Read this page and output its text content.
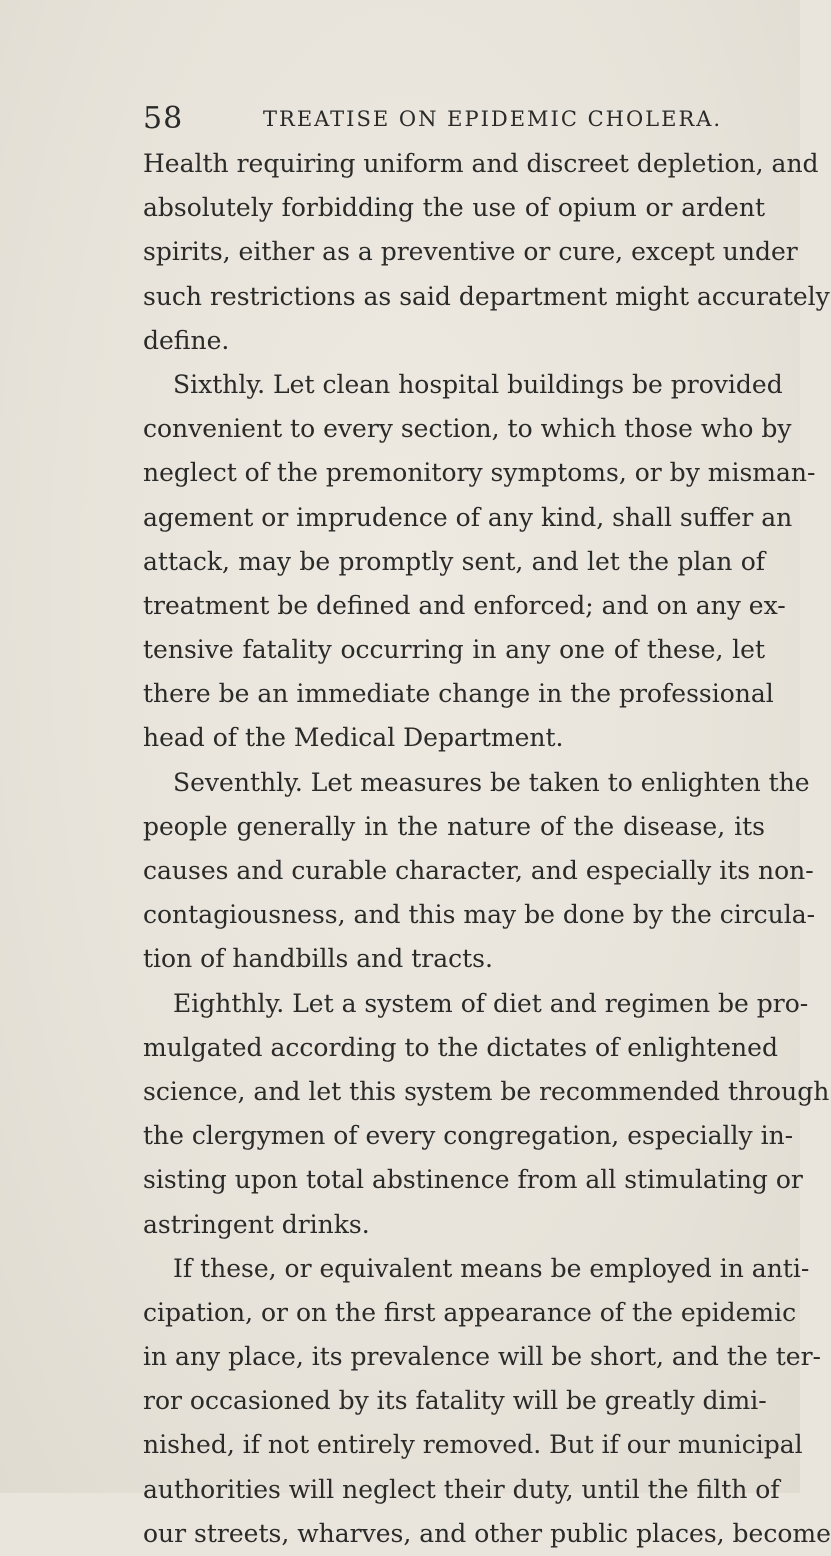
58	TREATISE ON EPIDEMIC CHOLERA.
Health requiring uniform and discreet depletion, and
absolutely forbidding the use of opium or ardent
spirits, either as a preventive or cure, except under
such restrictions as said department might accurately
define.
Sixthly. Let clean hospital buildings be provided
convenient to every section, to which those who by
neglect of the premonitory symptoms, or by misman-
agement or imprudence of any kind, shall suffer an
attack, may be promptly sent, and let the plan of
treatment be defined and enforced; and on any ex-
tensive fatality occurring in any one of these, let
there be an immediate change in the professional
head of the Medical Department.
Seventhly. Let measures be taken to enlighten the
people generally in the nature of the disease, its
causes and curable character, and especially its non-
contagiousness, and this may be done by the circula-
tion of handbills and tracts.
Eighthly. Let a system of diet and regimen be pro-
mulgated according to the dictates of enlightened
science, and let this system be recommended through
the clergymen of every congregation, especially in-
sisting upon total abstinence from all stimulating or
astringent drinks.
If these, or equivalent means be employed in anti-
cipation, or on the first appearance of the epidemic
in any place, its prevalence will be short, and the ter-
ror occasioned by its fatality will be greatly dimi-
nished, if not entirely removed. But if our municipal
authorities will neglect their duty, until the filth of
our streets, wharves, and other public places, become
